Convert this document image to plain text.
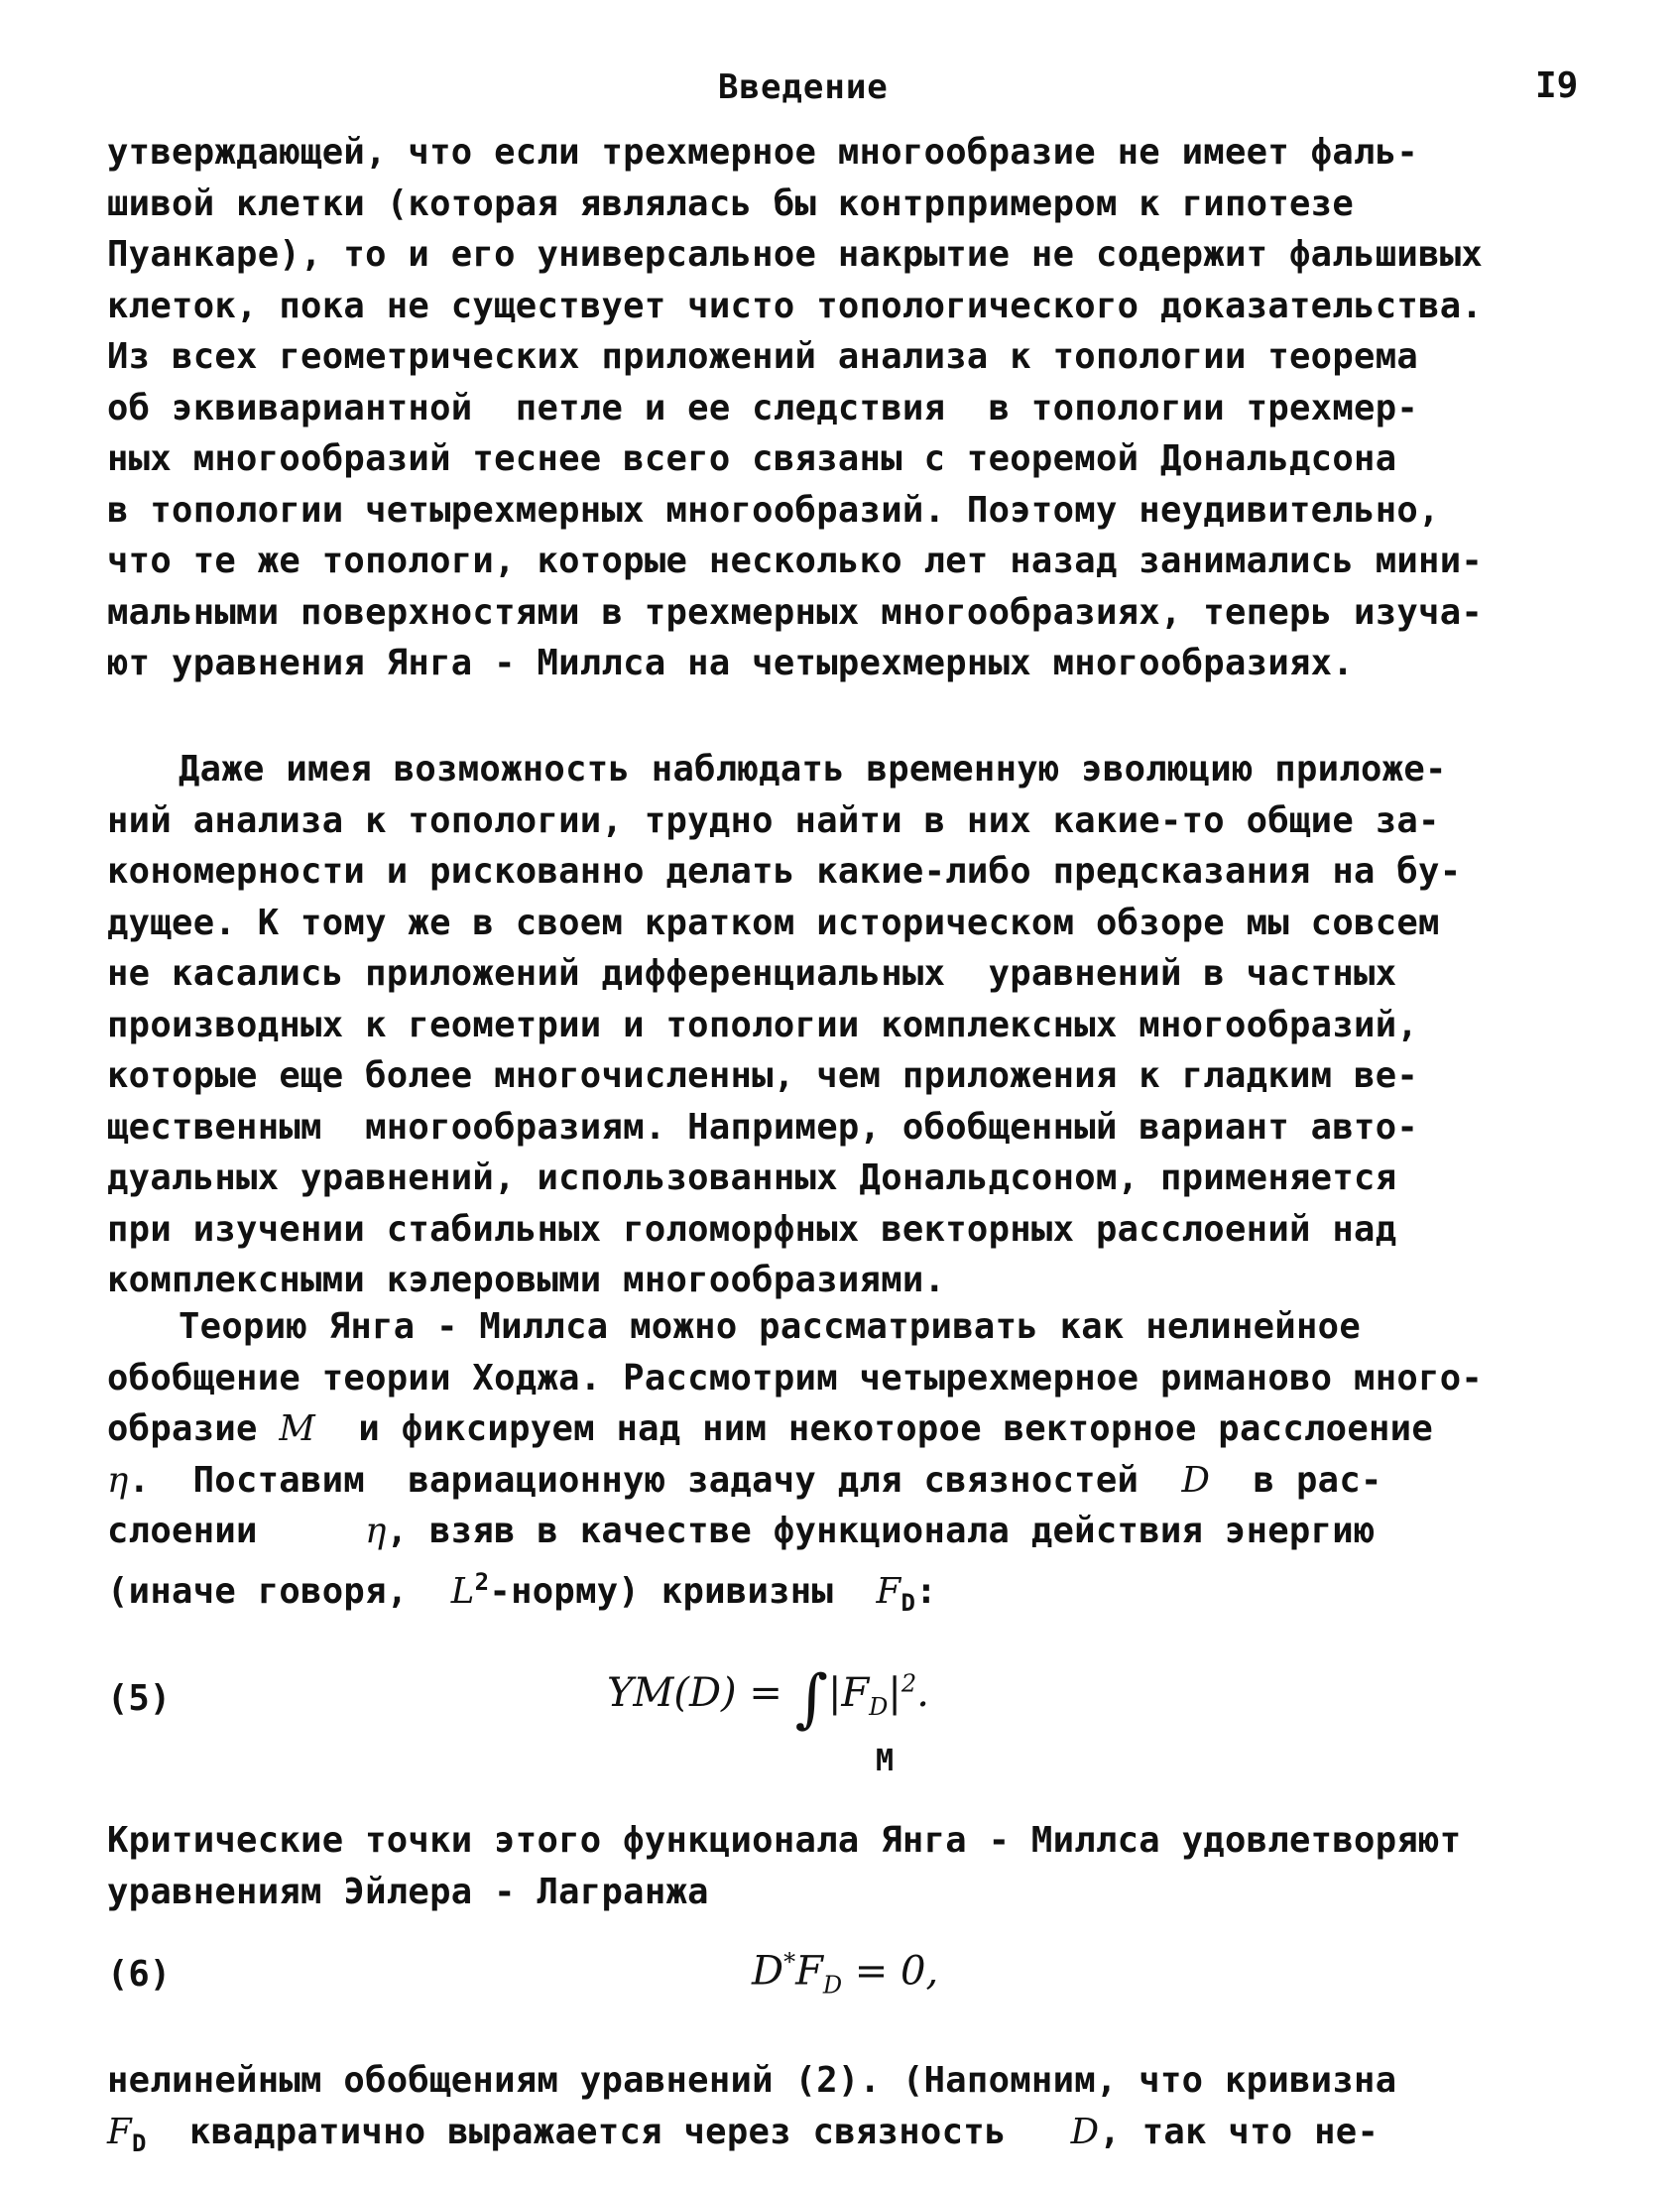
Введение	I9
утверждающей, что если трехмерное многообразие не имеет фаль-
шивой клетки (которая являлась бы контрпримером к гипотезе
Пуанкаре), то и его универсальное накрытие не содержит фальшивых
клеток, пока не существует чисто топологического доказательства.
Из всех геометрических приложений анализа к топологии теорема
об эквивариантной  петле и ее следствия  в топологии трехмер-
ных многообразий теснее всего связаны с теоремой Дональдсона
в топологии четырехмерных многообразий. Поэтому неудивительно,
что те же топологи, которые несколько лет назад занимались мини-
мальными поверхностями в трехмерных многообразиях, теперь изуча-
ют уравнения Янга - Миллса на четырехмерных многообразиях.
Даже имея возможность наблюдать временную эволюцию приложе-
ний анализа к топологии, трудно найти в них какие-то общие за-
кономерности и рискованно делать какие-либо предсказания на бу-
дущее. К тому же в своем кратком историческом обзоре мы совсем
не касались приложений дифференциальных  уравнений в частных
производных к геометрии и топологии комплексных многообразий,
которые еще более многочисленны, чем приложения к гладким ве-
щественным  многообразиям. Например, обобщенный вариант авто-
дуальных уравнений, использованных Дональдсоном, применяется
при изучении стабильных голоморфных векторных расслоений над
комплексными кэлеровыми многообразиями.
Теорию Янга - Миллса можно рассматривать как нелинейное
обобщение теории Ходжа. Рассмотрим четырехмерное риманово много-
образие M  и фиксируем над ним некоторое векторное расслоение
η.  Поставим  вариационную задачу для связностей  D  в рас-
слоении     η, взяв в качестве функционала действия энергию
(иначе говоря,  $L^2-норму$) кривизны  $F_D$:
(5)	$YM(D) = \int|F_D|^2$.
M
Критические точки этого функционала Янга - Миллса удовлетворяют
уравнениям Эйлера - Лагранжа
(6)	$D^*F_D = 0$,
нелинейным обобщениям уравнений (2). (Напомним, что кривизна
$F_D$  квадратично выражается через связность   D, так что не-
